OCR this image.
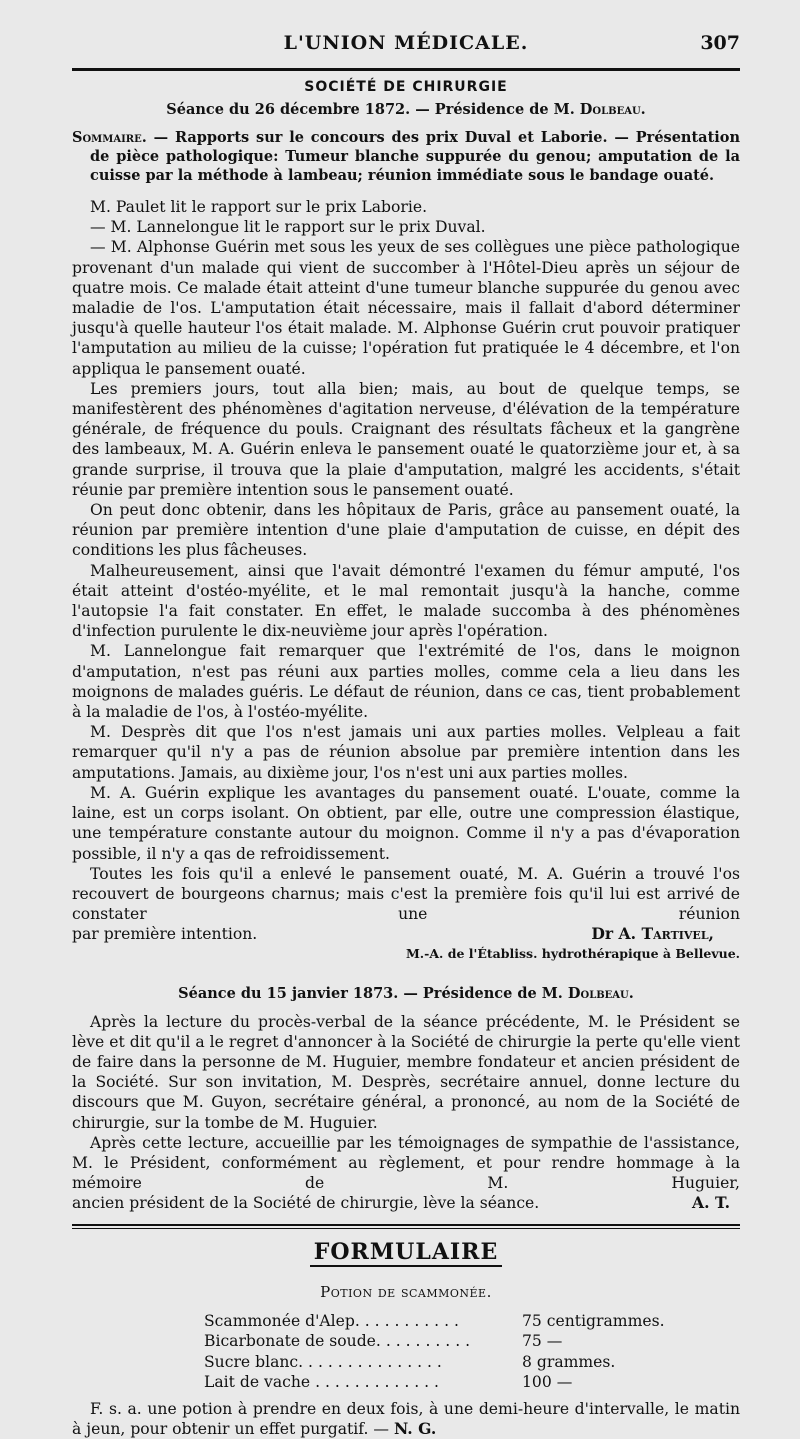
L'UNION MÉDICALE.	307
SOCIÉTÉ DE CHIRURGIE
Séance du 26 décembre 1872. — Présidence de M. Dolbeau.
Sommaire. — Rapports sur le concours des prix Duval et Laborie. — Présentation de pièce pathologique: Tumeur blanche suppurée du genou; amputation de la cuisse par la méthode à lambeau; réunion immédiate sous le bandage ouaté.

M. Paulet lit le rapport sur le prix Laborie.

— M. Lannelongue lit le rapport sur le prix Duval.

— M. Alphonse Guérin met sous les yeux de ses collègues une pièce pathologique provenant d'un malade qui vient de succomber à l'Hôtel-Dieu après un séjour de quatre mois. Ce malade était atteint d'une tumeur blanche suppurée du genou avec maladie de l'os. L'amputation était nécessaire, mais il fallait d'abord déterminer jusqu'à quelle hauteur l'os était malade. M. Alphonse Guérin crut pouvoir pratiquer l'amputation au milieu de la cuisse; l'opération fut pratiquée le 4 décembre, et l'on appliqua le pansement ouaté.

Les premiers jours, tout alla bien; mais, au bout de quelque temps, se manifestèrent des phénomènes d'agitation nerveuse, d'élévation de la température générale, de fréquence du pouls. Craignant des résultats fâcheux et la gangrène des lambeaux, M. A. Guérin enleva le pansement ouaté le quatorzième jour et, à sa grande surprise, il trouva que la plaie d'amputation, malgré les accidents, s'était réunie par première intention sous le pansement ouaté.

On peut donc obtenir, dans les hôpitaux de Paris, grâce au pansement ouaté, la réunion par première intention d'une plaie d'amputation de cuisse, en dépit des conditions les plus fâcheuses.

Malheureusement, ainsi que l'avait démontré l'examen du fémur amputé, l'os était atteint d'ostéo-myélite, et le mal remontait jusqu'à la hanche, comme l'autopsie l'a fait constater. En effet, le malade succomba à des phénomènes d'infection purulente le dix-neuvième jour après l'opération.

M. Lannelongue fait remarquer que l'extrémité de l'os, dans le moignon d'amputation, n'est pas réuni aux parties molles, comme cela a lieu dans les moignons de malades guéris. Le défaut de réunion, dans ce cas, tient probablement à la maladie de l'os, à l'ostéo-myélite.

M. Desprès dit que l'os n'est jamais uni aux parties molles. Velpleau a fait remarquer qu'il n'y a pas de réunion absolue par première intention dans les amputations. Jamais, au dixième jour, l'os n'est uni aux parties molles.

M. A. Guérin explique les avantages du pansement ouaté. L'ouate, comme la laine, est un corps isolant. On obtient, par elle, outre une compression élastique, une température constante autour du moignon. Comme il n'y a pas d'évaporation possible, il n'y a qas de refroidissement.

Toutes les fois qu'il a enlevé le pansement ouaté, M. A. Guérin a trouvé l'os recouvert de bourgeons charnus; mais c'est la première fois qu'il lui est arrivé de constater une réunion

par première intention.	Dr A. Tartivel,
M.-A. de l'Établiss. hydrothérapique à Bellevue.
Séance du 15 janvier 1873. — Présidence de M. Dolbeau.

Après la lecture du procès-verbal de la séance précédente, M. le Président se lève et dit qu'il a le regret d'annoncer à la Société de chirurgie la perte qu'elle vient de faire dans la personne de M. Huguier, membre fondateur et ancien président de la Société. Sur son invitation, M. Desprès, secrétaire annuel, donne lecture du discours que M. Guyon, secrétaire général, a prononcé, au nom de la Société de chirurgie, sur la tombe de M. Huguier.

Après cette lecture, accueillie par les témoignages de sympathie de l'assistance, M. le Président, conformément au règlement, et pour rendre hommage à la mémoire de M. Huguier,

ancien président de la Société de chirurgie, lève la séance.	A. T.
FORMULAIRE
Potion de scammonée.
Scammonée d'Alep. . . . . . . . . . .	75 centigrammes.
Bicarbonate de soude. . . . . . . . . .	75 —
Sucre blanc. . . . . . . . . . . . . . .	8 grammes.
Lait de vache . . . . . . . . . . . . .	100 —

F. s. a. une potion à prendre en deux fois, à une demi-heure d'intervalle, le matin à jeun, pour obtenir un effet purgatif. — N. G.
